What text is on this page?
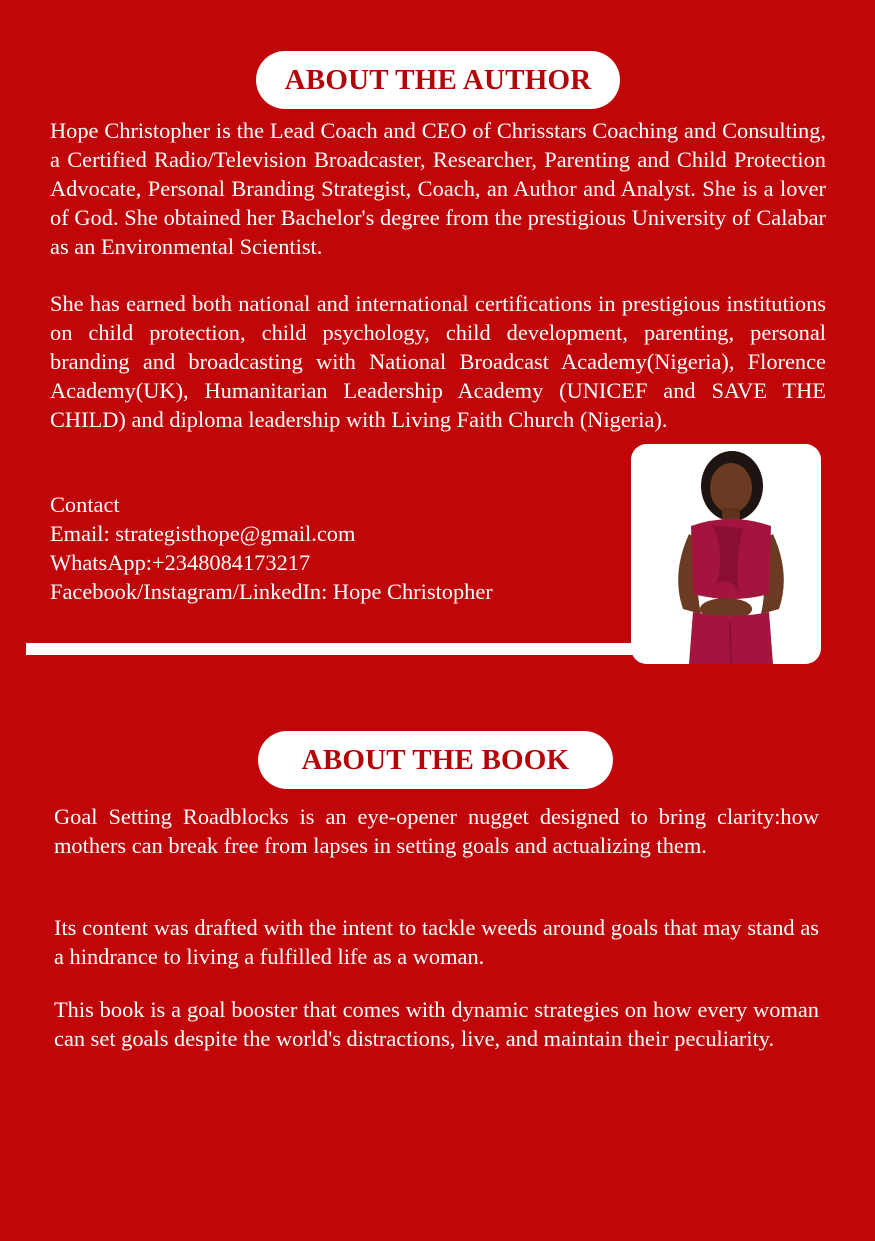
ABOUT THE AUTHOR

Hope Christopher is the Lead Coach and CEO of Chrisstars Coaching and Consulting, a Certified Radio/Television Broadcaster, Researcher, Parenting and Child Protection Advocate, Personal Branding Strategist, Coach, an Author and Analyst. She is a lover of God. She obtained her Bachelor's degree from the prestigious University of Calabar as an Environmental Scientist.

She has earned both national and international certifications in prestigious institutions on child protection, child psychology, child development, parenting, personal branding and broadcasting with National Broadcast Academy(Nigeria), Florence Academy(UK), Humanitarian Leadership Academy (UNICEF and SAVE THE CHILD) and diploma leadership with Living Faith Church (Nigeria).

Contact
Email: strategisthope@gmail.com
WhatsApp:+2348084173217
Facebook/Instagram/LinkedIn: Hope Christopher
ABOUT THE BOOK

Goal Setting Roadblocks is an eye-opener nugget designed to bring clarity:how mothers can break free from lapses in setting goals and actualizing them.

Its content was drafted with the intent to tackle weeds around goals that may stand as a hindrance to living a fulfilled life as a woman.

This book is a goal booster that comes with dynamic strategies on how every woman can set goals despite the world's distractions, live, and maintain their peculiarity.
